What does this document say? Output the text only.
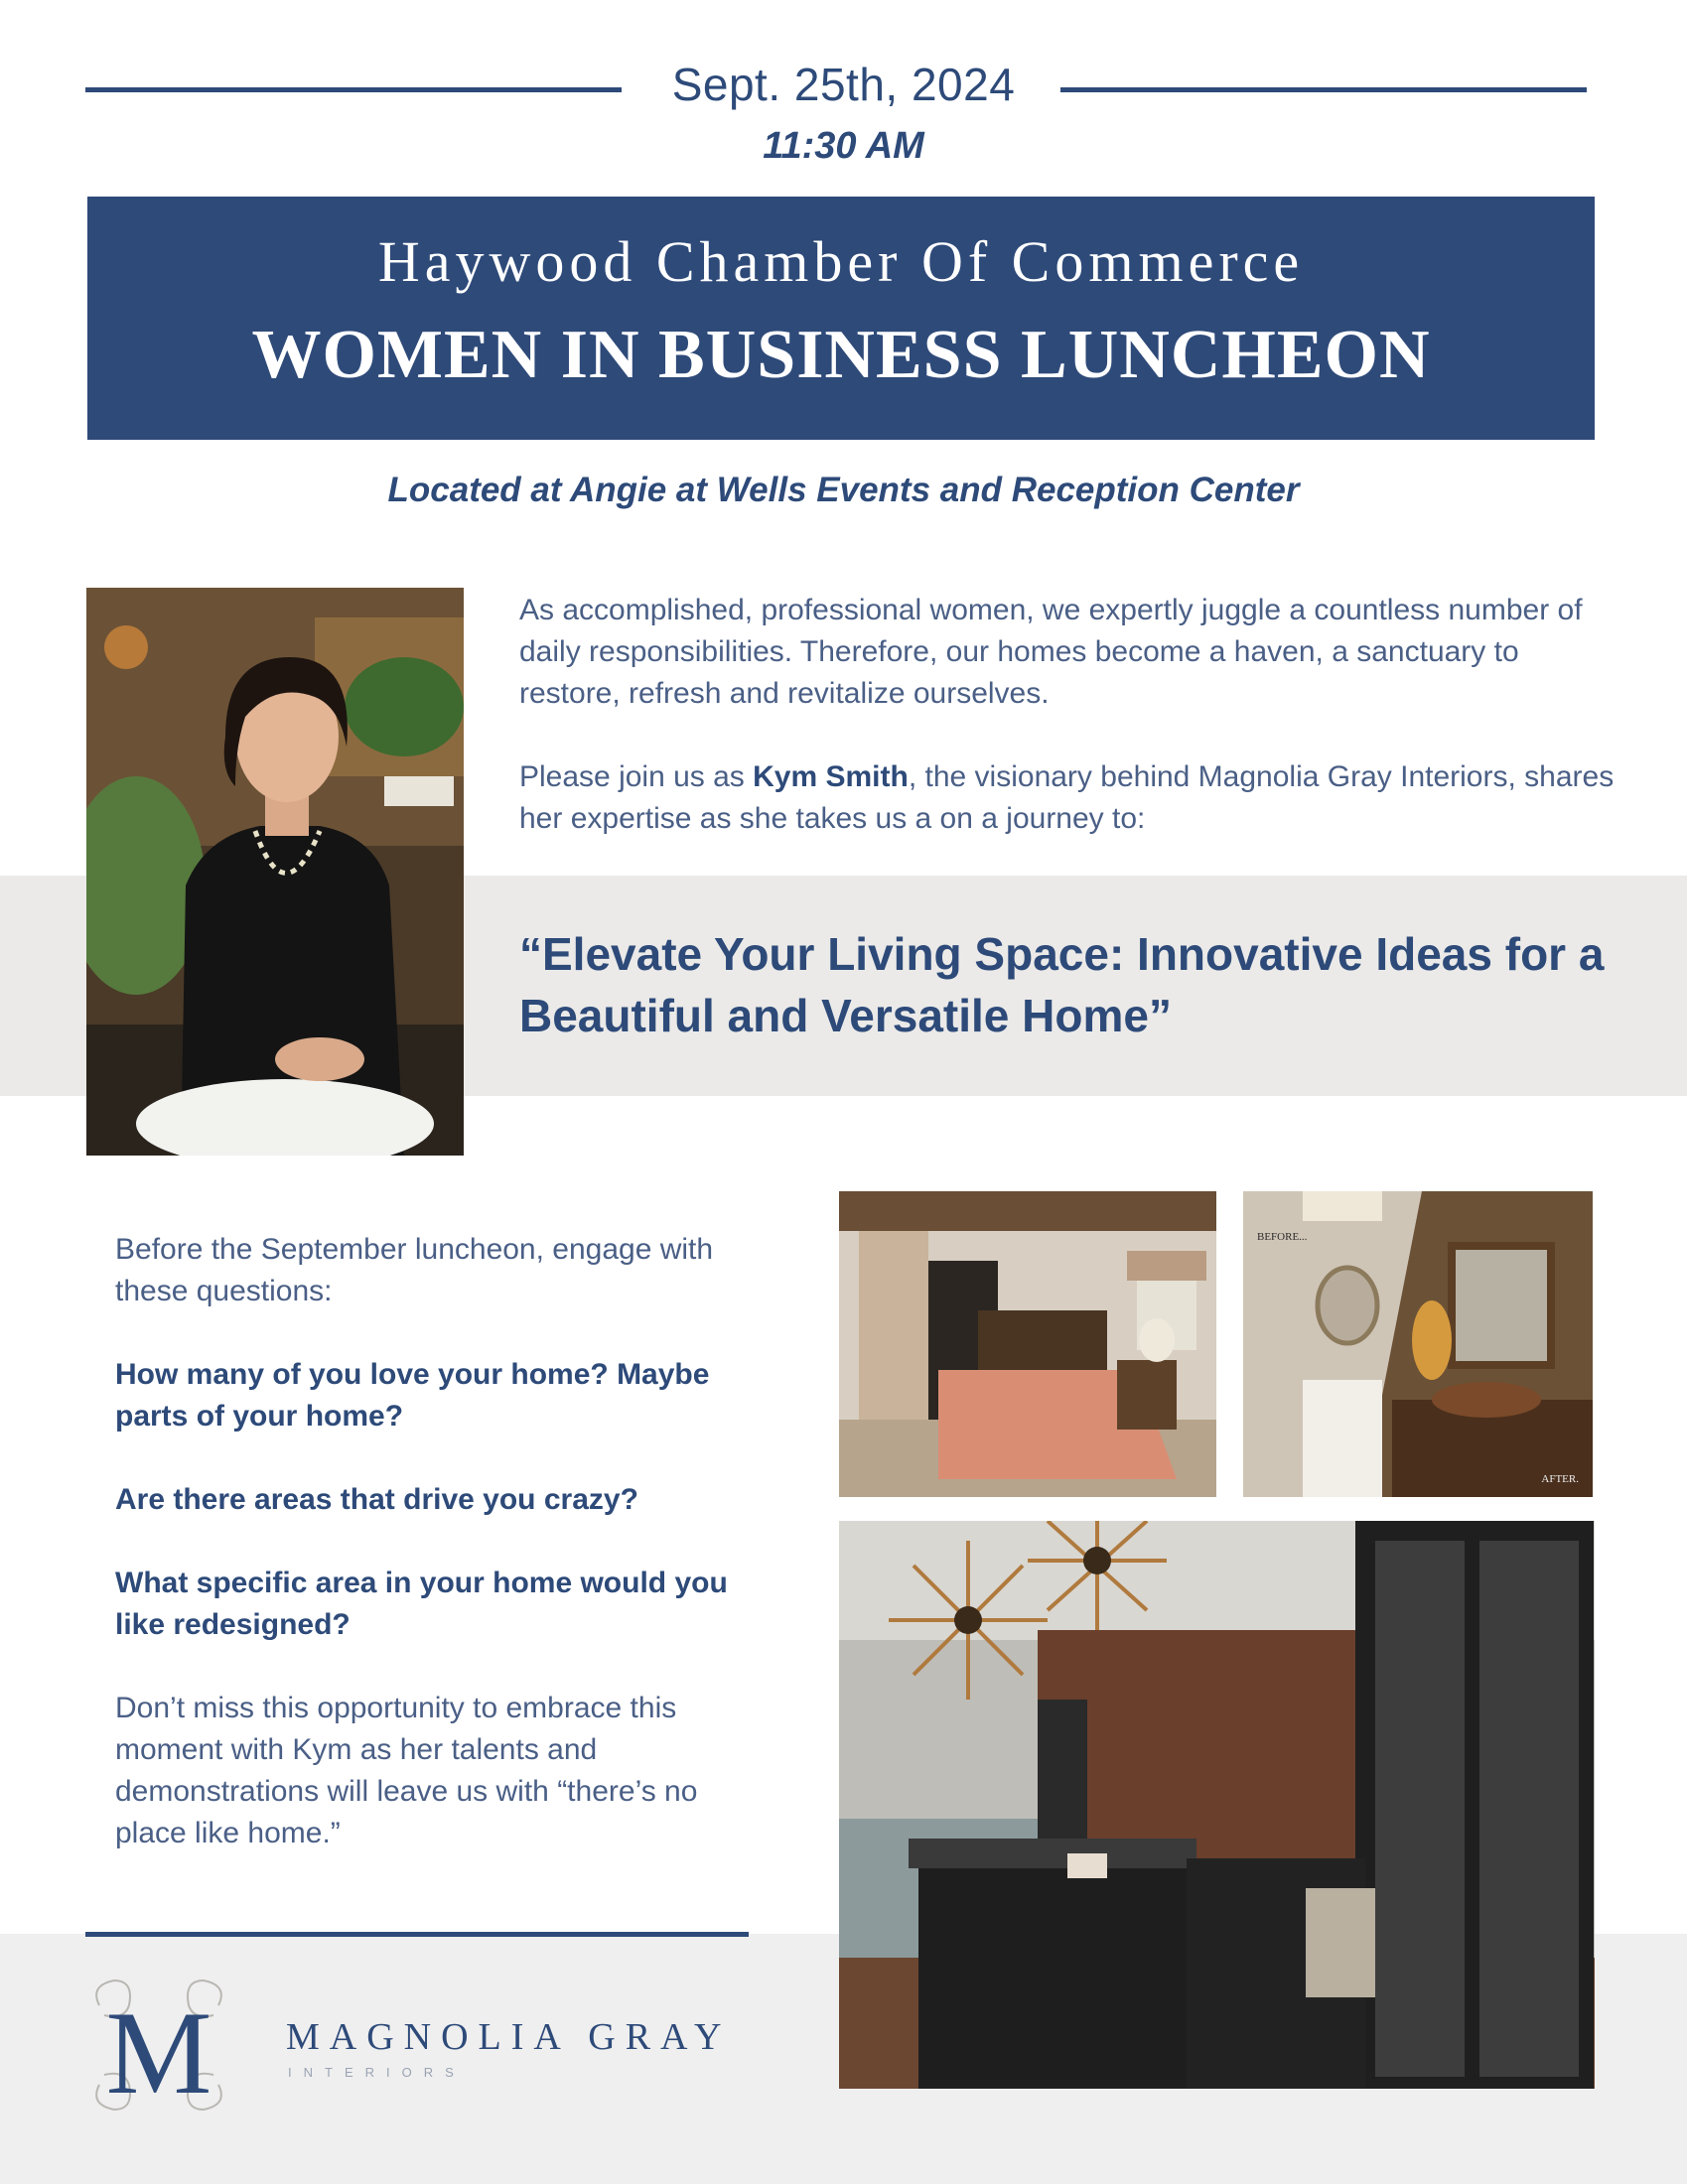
Sept. 25th, 2024
11:30 AM
Haywood Chamber Of Commerce
WOMEN IN BUSINESS LUNCHEON
Located at Angie at Wells Events and Reception Center

As accomplished, professional women, we expertly juggle a countless number of daily responsibilities. Therefore, our homes become a haven, a sanctuary to restore, refresh and revitalize ourselves.

Please join us as Kym Smith, the visionary behind Magnolia Gray Interiors, shares her expertise as she takes us a on a journey to:

“Elevate Your Living Space: Innovative Ideas for a Beautiful and Versatile Home”

Before the September luncheon, engage with these questions:

How many of you love your home? Maybe parts of your home?

Are there areas that drive you crazy?

What specific area in your home would you like redesigned?

Don’t miss this opportunity to embrace this moment with Kym as her talents and demonstrations will leave us with “there’s no place like home.”

BEFORE...
AFTER.
M MAGNOLIA GRAY
INTERIORS
